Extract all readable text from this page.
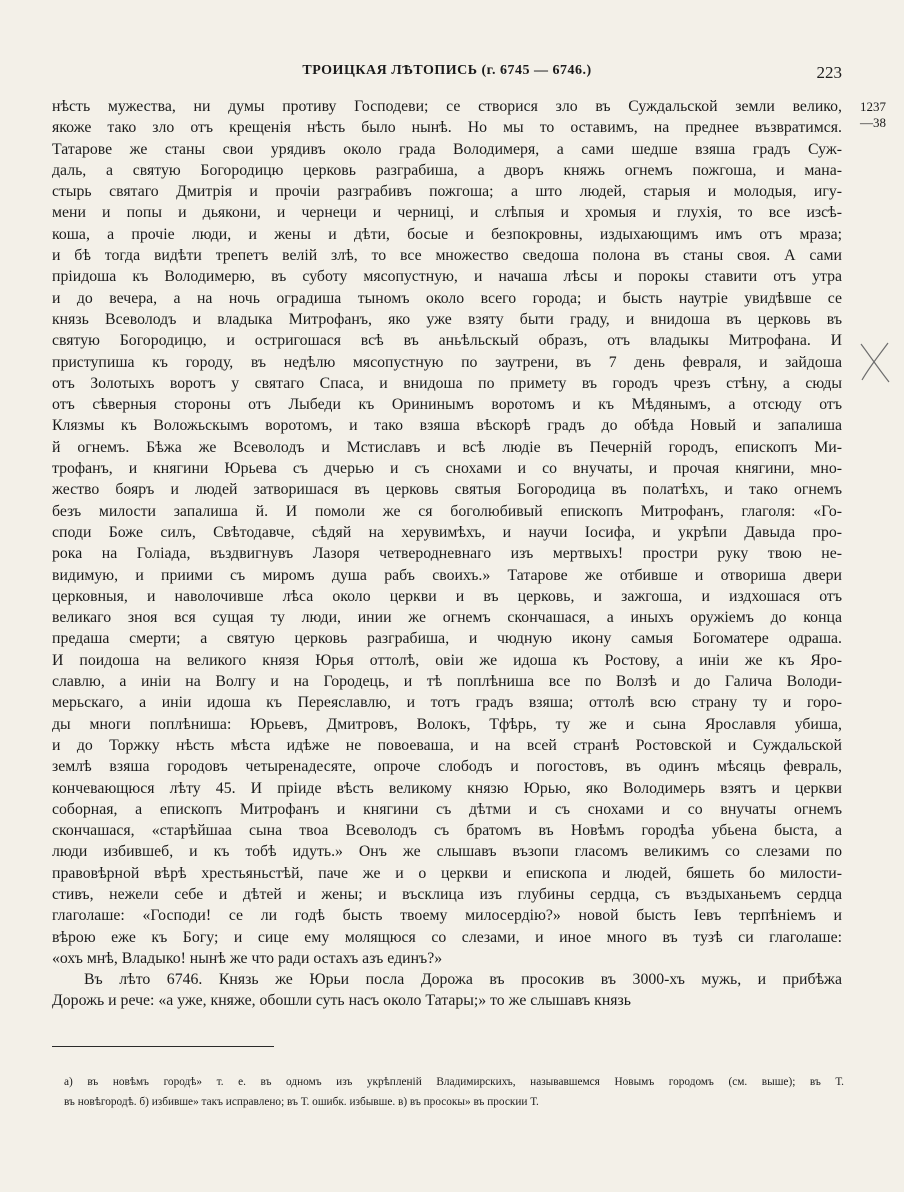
ТРОИЦКАЯ ЛѢТОПИСЬ (г. 6745 — 6746.)	223
1237
—38
нѣсть мужества, ни думы противу Господеви; се створися зло въ Суждальской земли велико,
якоже тако зло отъ крещенія нѣсть было нынѣ. Но мы то оставимъ, на преднее възвратимся.
Татарове же станы свои урядивъ около града Володимеря, а сами шедше взяша градъ Суж-
даль, а святую Богородицю церковь разграбиша, а дворъ княжь огнемъ пожгоша, и мана-
стырь святаго Дмитрія и прочіи разграбивъ пожгоша; а што людей, старыя и молодыя, игу-
мени и попы и дьякони, и чернеци и черниці, и слѣпыя и хромыя и глухія, то все изсѣ-
коша, а прочіе люди, и жены и дѣти, босые и безпокровны, издыхающимъ имъ отъ мраза;
и бѣ тогда видѣти трепетъ велій злѣ, то все множество сведоша полона въ станы своя. А сами
пріидоша къ Володимерю, въ суботу мясопустную, и начаша лѣсы и порокы ставити отъ утра
и до вечера, а на ночь оградиша тыномъ около всего города; и бысть наутріе увидѣвше се
князь Всеволодъ и владыка Митрофанъ, яко уже взяту быти граду, и внидоша въ церковь въ
святую Богородицю, и остригошася всѣ въ аньѣльскый образъ, отъ владыкы Митрофана. И
приступиша къ городу, въ недѣлю мясопустную по заутрени, въ 7 день февраля, и зайдоша
отъ Золотыхъ воротъ у святаго Спаса, и внидоша по примету въ городъ чрезъ стѣну, а сюды
отъ сѣверныя стороны отъ Лыбеди къ Орининымъ воротомъ и къ Мѣдянымъ, а отсюду отъ
Клязмы къ Воложьскымъ воротомъ, и тако взяша вѣскорѣ градъ до обѣда Новый и запалиша
й огнемъ. Бѣжа же Всеволодъ и Мстиславъ и всѣ людіе въ Печерній городъ, епископъ Ми-
трофанъ, и княгини Юрьева съ дчерью и съ снохами и со внучаты, и прочая княгини, мно-
жество бояръ и людей затворишася въ церковь святыя Богородица въ полатѣхъ, и тако огнемъ
безъ милости запалиша й. И помоли же ся боголюбивый епископъ Митрофанъ, глаголя: «Го-
споди Боже силъ, Свѣтодавче, сѣдяй на херувимѣхъ, и научи Іосифа, и укрѣпи Давыда про-
рока на Голіада, въздвигнувъ Лазоря четверодневнаго изъ мертвыхъ! простри руку твою не-
видимую, и приими съ миромъ душа рабъ своихъ.» Татарове же отбивше и отвориша двери
церковныя, и наволочивше лѣса около церкви и въ церковь, и зажгоша, и издхошася отъ
великаго зноя вся сущая ту люди, инии же огнемъ скончашася, а иныхъ оружіемъ до конца
предаша смерти; а святую церковь разграбиша, и чюдную икону самыя Богоматере одраша.
И поидоша на великого князя Юрья оттолѣ, овіи же идоша къ Ростову, а иніи же къ Яро-
славлю, а иніи на Волгу и на Городець, и тѣ поплѣниша все по Волзѣ и до Галича Володи-
мерьскаго, а иніи идоша къ Переяславлю, и тотъ градъ взяша; оттолѣ всю страну ту и горо-
ды многи поплѣниша: Юрьевъ, Дмитровъ, Волокъ, Тфѣрь, ту же и сына Ярославля убиша,
и до Торжку нѣсть мѣста идѣже не повоеваша, и на всей странѣ Ростовской и Суждальской
землѣ взяша городовъ четыренадесяте, опроче слободъ и погостовъ, въ одинъ мѣсяць февраль,
кончевающюся лѣту 45. И пріиде вѣсть великому князю Юрью, яко Володимерь взятъ и церкви
соборная, а епископъ Митрофанъ и княгини съ дѣтми и съ снохами и со внучаты огнемъ
скончашася, «старѣйшаа сына твоа Всеволодъ съ братомъ въ Новѣмъ городѣа убьена быста, а
люди избившеб, и къ тобѣ идуть.» Онъ же слышавъ възопи гласомъ великимъ со слезами по
правовѣрной вѣрѣ хрестьяньстѣй, паче же и о церкви и епископа и людей, бяшеть бо милости-
стивъ, нежели себе и дѣтей и жены; и въсклица изъ глубины сердца, съ въздыханьемъ сердца
глаголаше: «Господи! се ли годѣ бысть твоему милосердію?» новой бысть Іевъ терпѣніемъ и
вѣрою еже къ Богу; и сице ему молящюся со слезами, и иное много въ тузѣ си глаголаше:
«охъ мнѣ, Владыко! нынѣ же что ради остахъ азъ единъ?»
Въ лѣто 6746. Князь же Юрьи посла Дорожа въ просокив въ 3000-хъ мужь, и прибѣжа
Дорожь и рече: «а уже, княже, обошли суть насъ около Татары;» то же слышавъ князь
а) въ новѣмъ городѣ» т. е. въ одномъ изъ укрѣпленій Владимирскихъ, называвшемся Новымъ городомъ (см. выше); въ Т.
въ новѣгородѣ. б) избивше» такъ исправлено; въ Т. ошибк. избывше. в) въ просокы» въ проскии Т.
